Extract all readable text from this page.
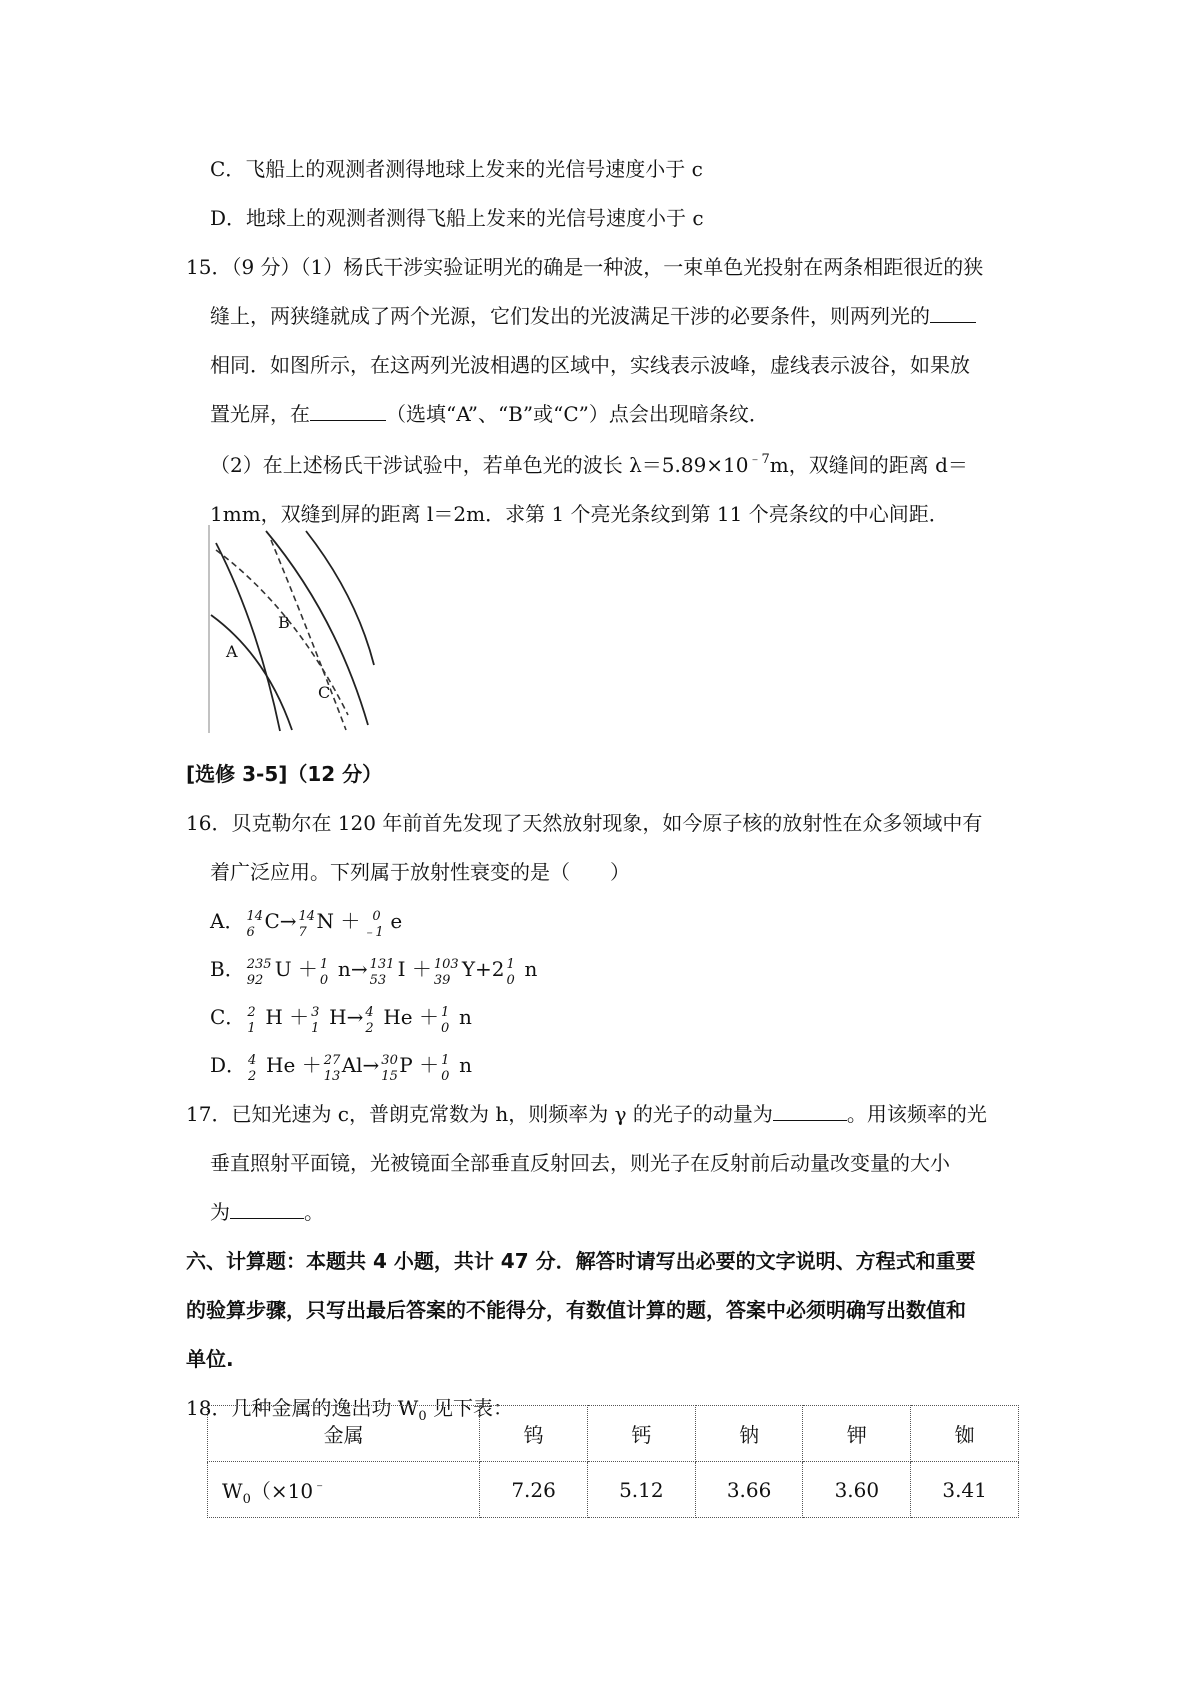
C．飞船上的观测者测得地球上发来的光信号速度小于 c
D．地球上的观测者测得飞船上发来的光信号速度小于 c
15．（9 分）（1）杨氏干涉实验证明光的确是一种波，一束单色光投射在两条相距很近的狭
缝上，两狭缝就成了两个光源，它们发出的光波满足干涉的必要条件，则两列光的
相同．如图所示，在这两列光波相遇的区域中，实线表示波峰，虚线表示波谷，如果放
置光屏，在	（选填“A”、“B”或“C”）点会出现暗条纹．
（2）在上述杨氏干涉试验中，若单色光的波长 $\lambda=5.89\times 10^{﹣7}m$，双缝间的距离 d＝
1mm，双缝到屏的距离 l＝2m．求第 1 个亮光条纹到第 11 个亮条纹的中心间距．
A
B
C
[选修 3-5]（12 分）
16．贝克勒尔在 120 年前首先发现了天然放射现象，如今原子核的放射性在众多领域中有
着广泛应用。下列属于放射性衰变的是（　　）
A． 14
6 C→ 14
7 N ＋ 0
﹣1 e
B． 235
92 U ＋ 1
0 n→ 131
53 I ＋ 103
39 Y+2 1
0 n
C． 2
1 H ＋ 3
1 H→ 4
2 He ＋ 1
0 n
D． 4
2 He ＋ 27
13 Al→ 30
15 P ＋ 1
0 n
17．已知光速为 c，普朗克常数为 h，则频率为 γ 的光子的动量为	。用该频率的光
垂直照射平面镜，光被镜面全部垂直反射回去，则光子在反射前后动量改变量的大小
为	。
六、计算题：本题共 4 小题，共计 47 分．解答时请写出必要的文字说明、方程式和重要
的验算步骤，只写出最后答案的不能得分，有数值计算的题，答案中必须明确写出数值和
单位.
18．几种金属的逸出功 $W_0$ 见下表：
金属	钨	钙	钠	钾	铷
$W_0(\times 10^﹣$	7.26	5.12	3.66	3.60	3.41
